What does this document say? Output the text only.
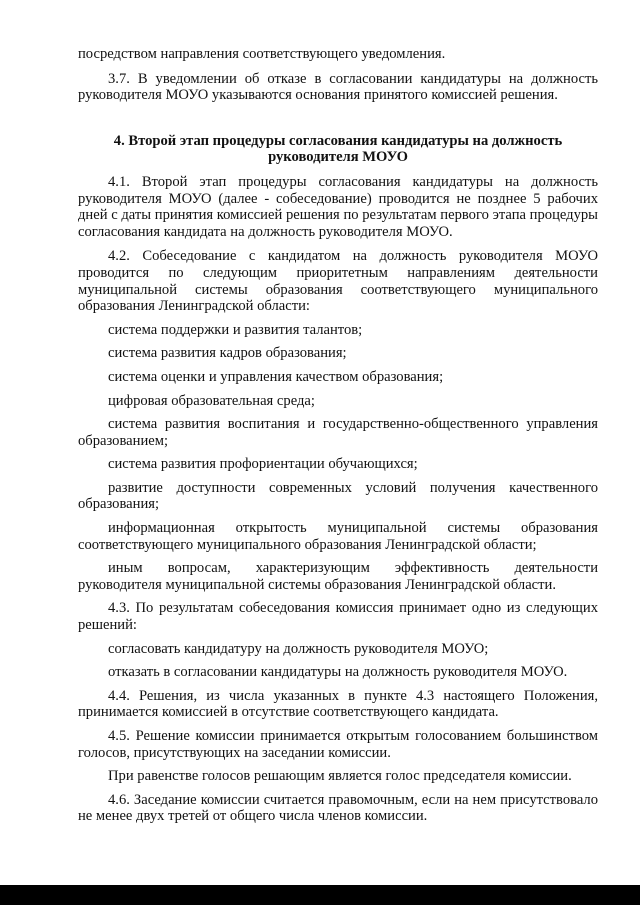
посредством направления соответствующего уведомления.

3.7. В уведомлении об отказе в согласовании кандидатуры на должность руководителя МОУО указываются основания принятого комиссией решения.

4. Второй этап процедуры согласования кандидатуры на должность
руководителя МОУО

4.1. Второй этап процедуры согласования кандидатуры на должность руководителя МОУО (далее - собеседование) проводится не позднее 5 рабочих дней с даты принятия комиссией решения по результатам первого этапа процедуры согласования кандидата на должность руководителя МОУО.

4.2. Собеседование с кандидатом на должность руководителя МОУО проводится по следующим приоритетным направлениям деятельности муниципальной системы образования соответствующего муниципального образования Ленинградской области:

система поддержки и развития талантов;

система развития кадров образования;

система оценки и управления качеством образования;

цифровая образовательная среда;

система развития воспитания и государственно-общественного управления образованием;

система развития профориентации обучающихся;

развитие доступности современных условий получения качественного образования;

информационная открытость муниципальной системы образования соответствующего муниципального образования Ленинградской области;

иным вопросам, характеризующим эффективность деятельности руководителя муниципальной системы образования Ленинградской области.

4.3. По результатам собеседования комиссия принимает одно из следующих решений:

согласовать кандидатуру на должность руководителя МОУО;

отказать в согласовании кандидатуры на должность руководителя МОУО.

4.4. Решения, из числа указанных в пункте 4.3 настоящего Положения, принимается комиссией в отсутствие соответствующего кандидата.

4.5. Решение комиссии принимается открытым голосованием большинством голосов, присутствующих на заседании комиссии.

При равенстве голосов решающим является голос председателя комиссии.

4.6. Заседание комиссии считается правомочным, если на нем присутствовало не менее двух третей от общего числа членов комиссии.
